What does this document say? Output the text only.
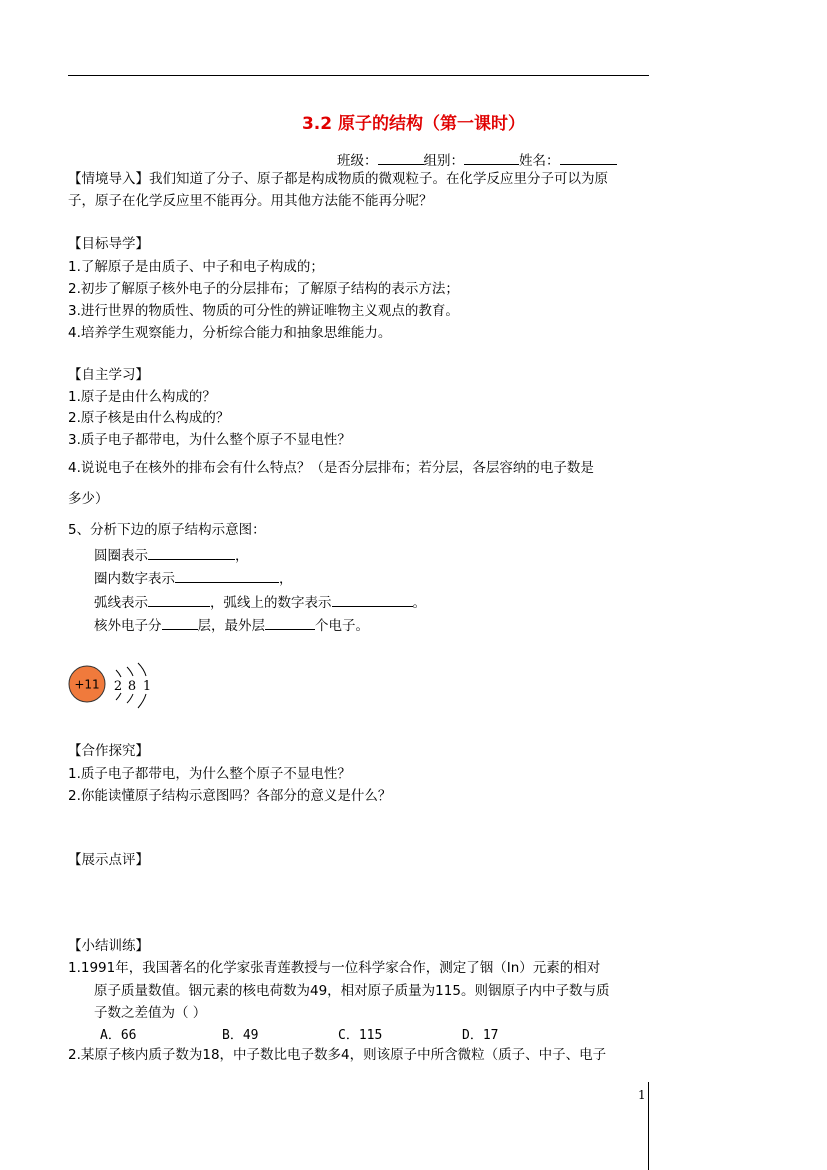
3.2 原子的结构（第一课时）
班级：	组别：	姓名：
【情境导入】我们知道了分子、原子都是构成物质的微观粒子。在化学反应里分子可以为原
子，原子在化学反应里不能再分。用其他方法能不能再分呢？
【目标导学】
1.了解原子是由质子、中子和电子构成的；
2.初步了解原子核外电子的分层排布；了解原子结构的表示方法；
3.进行世界的物质性、物质的可分性的辨证唯物主义观点的教育。
4.培养学生观察能力，分析综合能力和抽象思维能力。
【自主学习】
1.原子是由什么构成的？
2.原子核是由什么构成的？
3.质子电子都带电，为什么整个原子不显电性？
4.说说电子在核外的排布会有什么特点？（是否分层排布；若分层，各层容纳的电子数是
多少）
5、分析下边的原子结构示意图：
圆圈表示	，
圈内数字表示	，
弧线表示	，弧线上的数字表示	。
核外电子分	层，最外层	个电子。
+11 2 8 1
【合作探究】
1.质子电子都带电，为什么整个原子不显电性？
2.你能读懂原子结构示意图吗？各部分的意义是什么？
【展示点评】
【小结训练】
1.1991年，我国著名的化学家张青莲教授与一位科学家合作，测定了铟（In）元素的相对
原子质量数值。铟元素的核电荷数为49，相对原子质量为115。则铟原子内中子数与质
子数之差值为（ ）
A．66	B．49	C．115	D．17
2.某原子核内质子数为18，中子数比电子数多4，则该原子中所含微粒（质子、中子、电子
1
